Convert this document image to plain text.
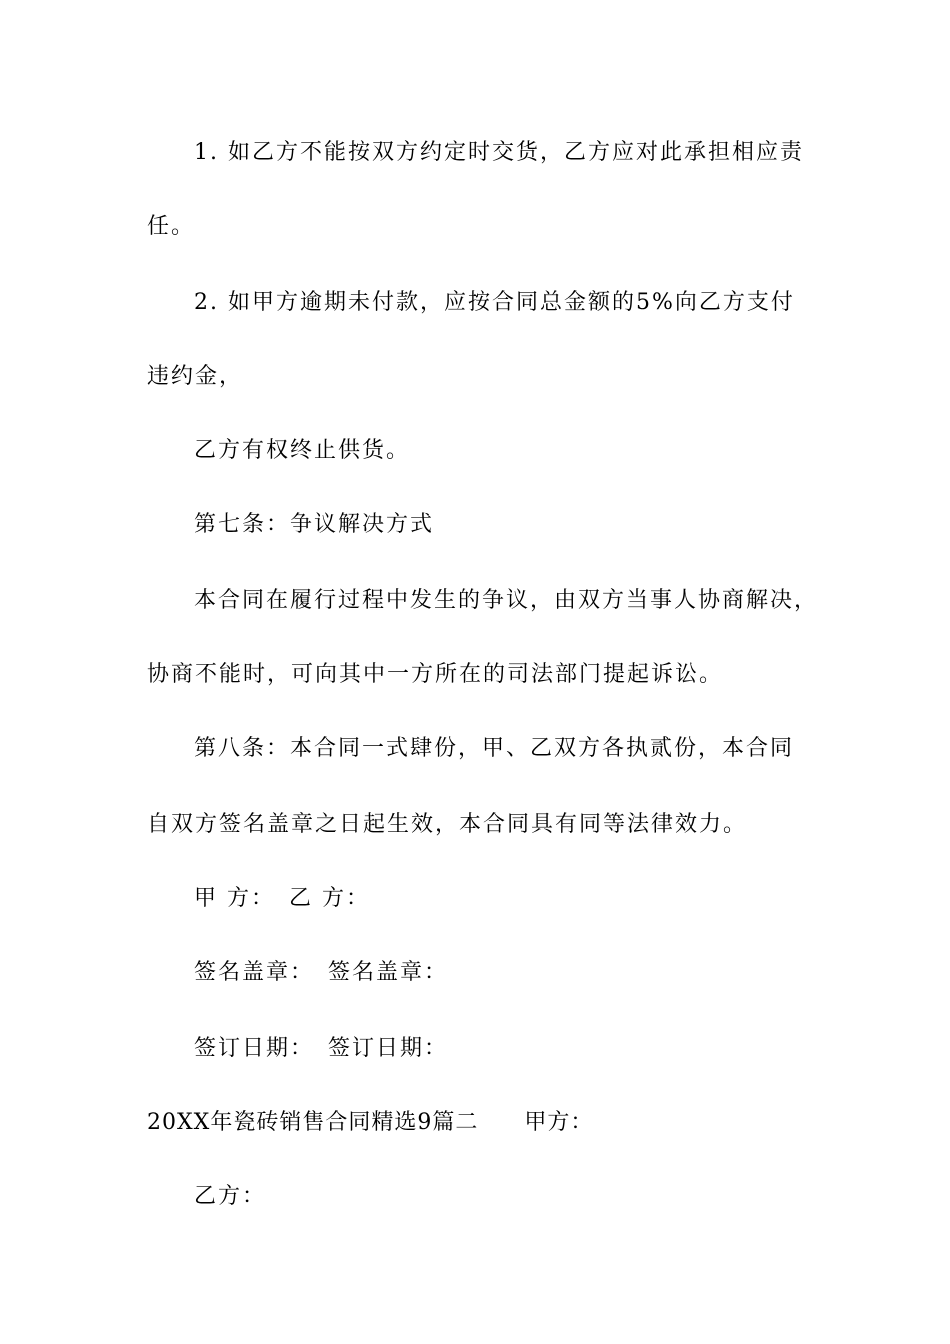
1. 如乙方不能按双方约定时交货，乙方应对此承担相应责
任。
2. 如甲方逾期未付款，应按合同总金额的5%向乙方支付
违约金，
乙方有权终止供货。
第七条：争议解决方式
本合同在履行过程中发生的争议，由双方当事人协商解决，
协商不能时，可向其中一方所在的司法部门提起诉讼。
第八条：本合同一式肆份，甲、乙双方各执贰份，本合同
自双方签名盖章之日起生效，本合同具有同等法律效力。
甲 方： 乙 方：
签名盖章： 签名盖章：
签订日期： 签订日期：
20XX年瓷砖销售合同精选9篇二 甲方：
乙方：
